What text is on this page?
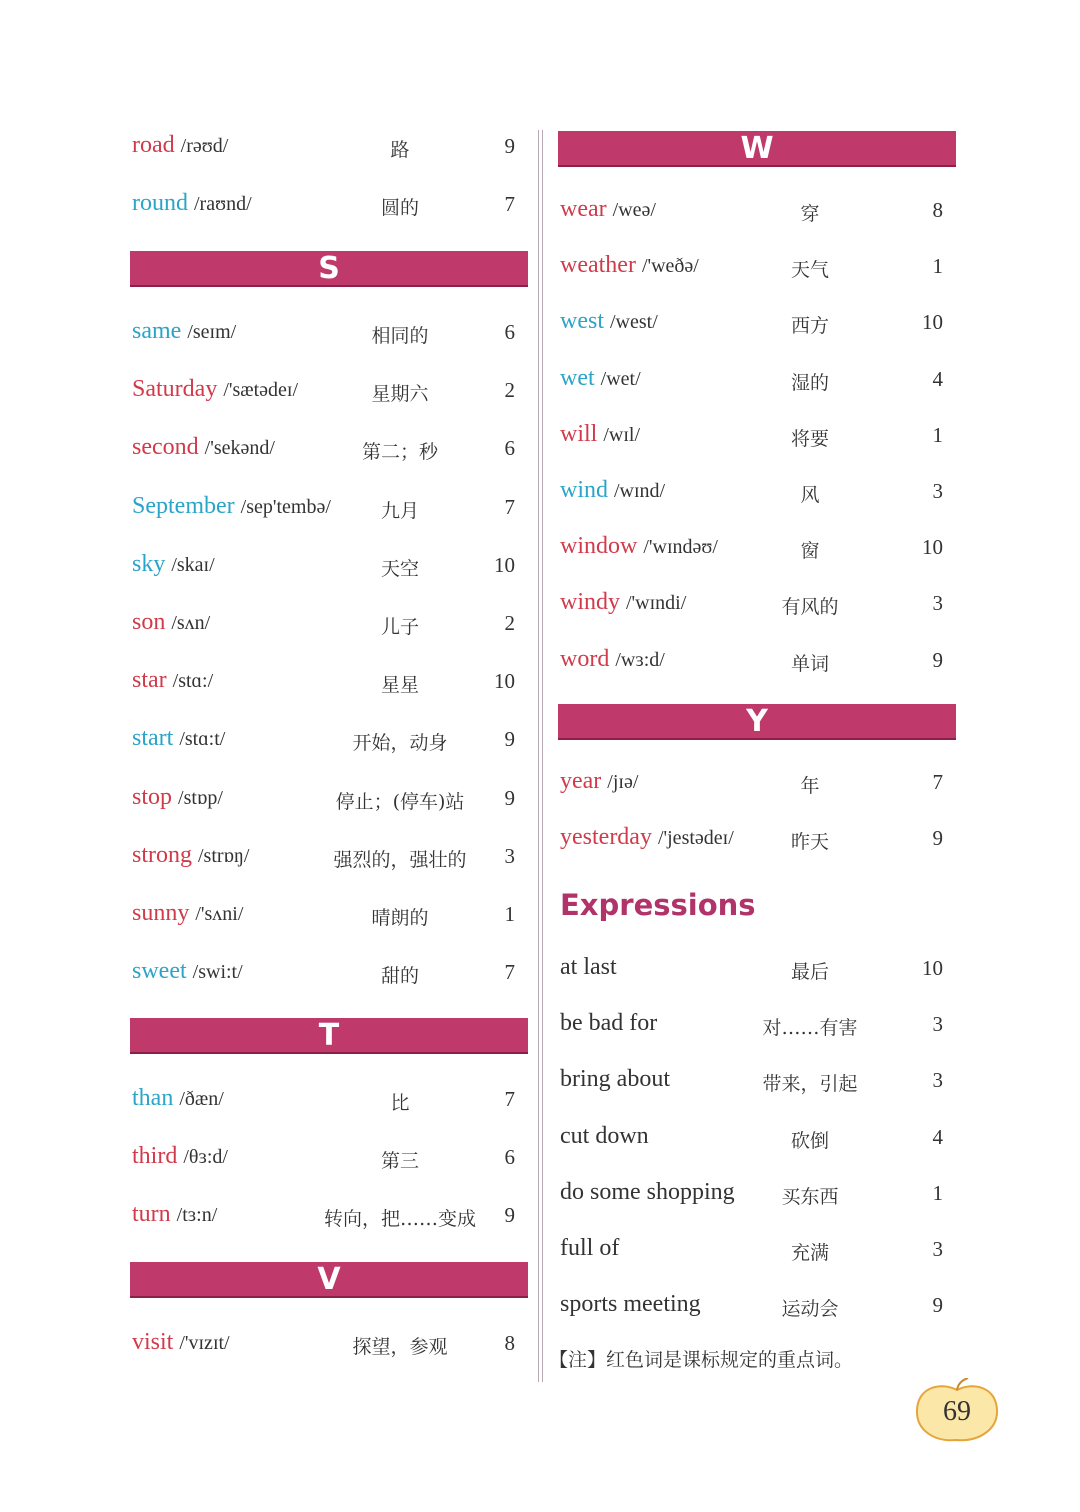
road /rəʊd/	路	9
round /raʊnd/	圆的	7
S
same /seɪm/	相同的	6
Saturday /'sætədeɪ/	星期六	2
second /'sekənd/	第二；秒	6
September /sep'tembə/	九月	7
sky /skaɪ/	天空	10
son /sʌn/	儿子	2
star /stɑ:/	星星	10
start /stɑ:t/	开始，动身	9
stop /stɒp/	停止；(停车)站	9
strong /strɒŋ/	强烈的，强壮的	3
sunny /'sʌni/	晴朗的	1
sweet /swi:t/	甜的	7
T
than /ðæn/	比	7
third /θɜ:d/	第三	6
turn /tɜ:n/	转向，把……变成	9
V
visit /'vɪzɪt/	探望，参观	8
W
wear /weə/	穿	8
weather /'weðə/	天气	1
west /west/	西方	10
wet /wet/	湿的	4
will /wɪl/	将要	1
wind /wɪnd/	风	3
window /'wɪndəʊ/	窗	10
windy /'wɪndi/	有风的	3
word /wɜ:d/	单词	9
Y
year /jɪə/	年	7
yesterday /'jestədeɪ/	昨天	9
Expressions
at last	最后	10
be bad for	对……有害	3
bring about	带来，引起	3
cut down	砍倒	4
do some shopping	买东西	1
full of	充满	3
sports meeting	运动会	9
【注】红色词是课标规定的重点词。
69
